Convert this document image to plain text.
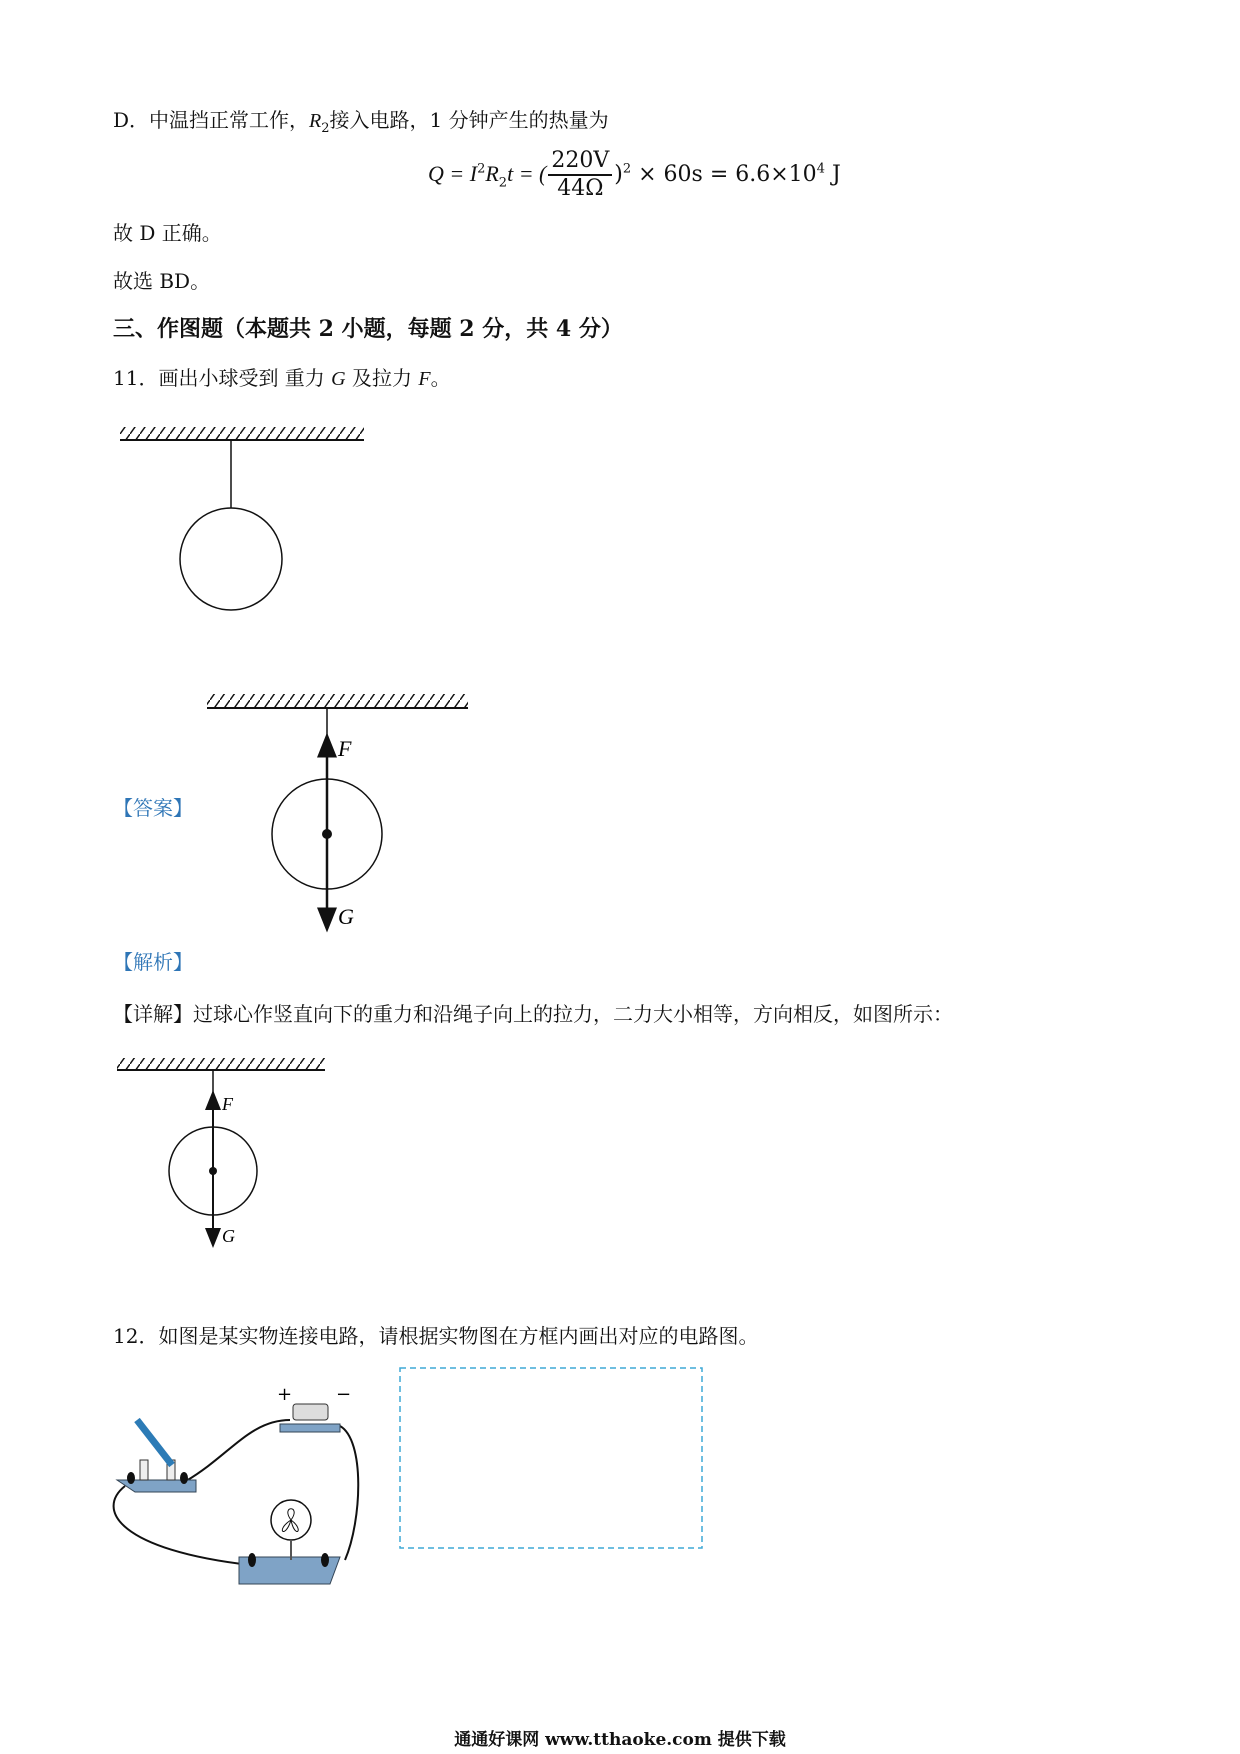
D．中温挡正常工作，$R_2$接入电路，1 分钟产生的热量为
$Q = I^2R_2t$ = ( $\frac{220V}{44\Omega} )^2 \times 60s = 6.6\times 10^4$ J
故 D 正确。
故选 BD。
三、作图题（本题共 2 小题，每题 2 分，共 4 分）
11．画出小球受到 重力 G 及拉力 F。
【答案】
【解析】
【详解】过球心作竖直向下的重力和沿绳子向上的拉力，二力大小相等，方向相反，如图所示：
12．如图是某实物连接电路，请根据实物图在方框内画出对应的电路图。
F
G
F
G
+ −
通通好课网 www.tthaoke.com 提供下载
